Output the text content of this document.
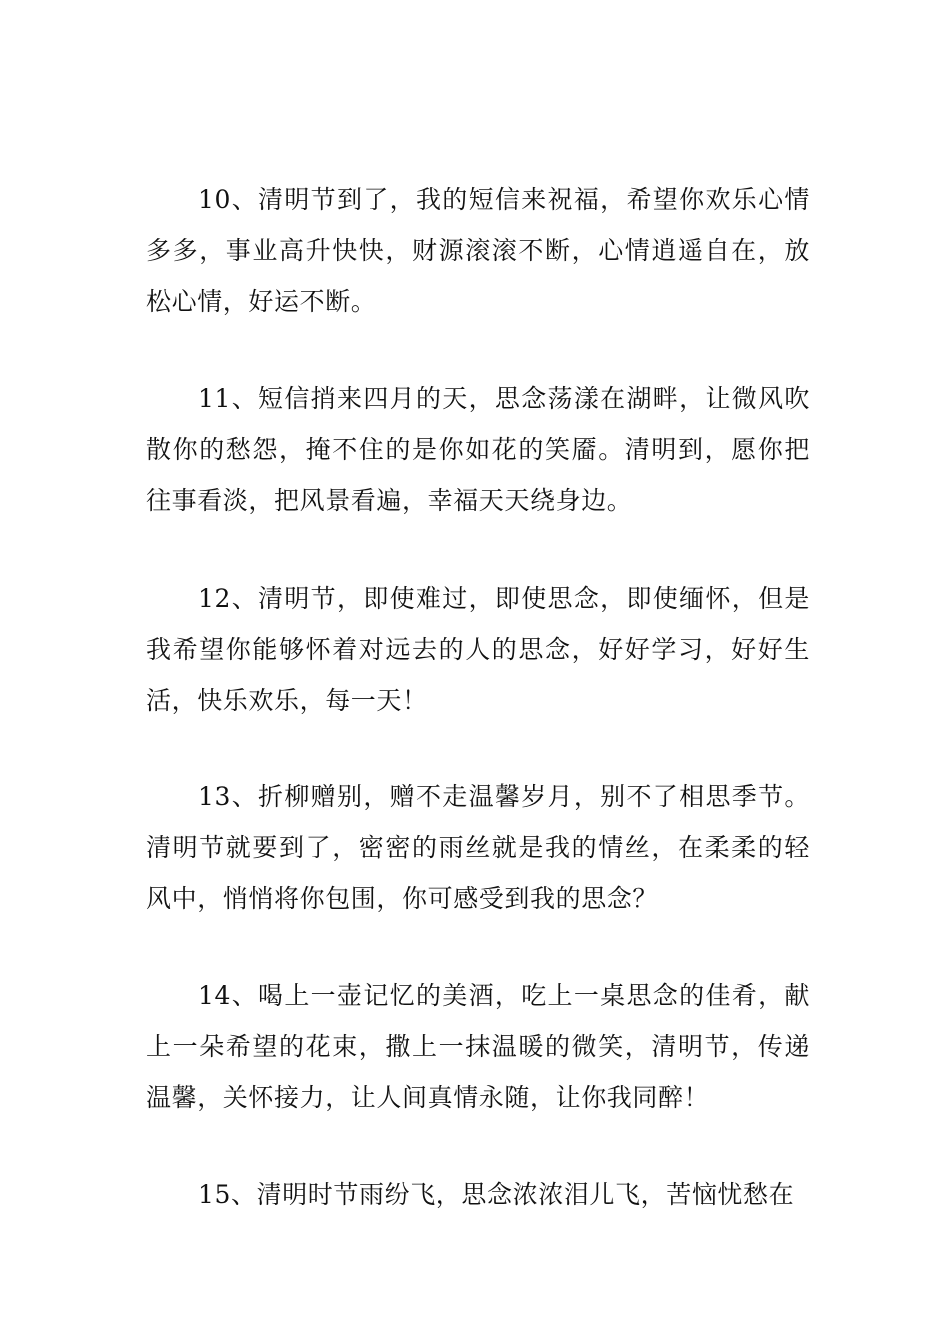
10、清明节到了，我的短信来祝福，希望你欢乐心情多多，事业高升快快，财源滚滚不断，心情逍遥自在，放松心情，好运不断。

11、短信捎来四月的天，思念荡漾在湖畔，让微风吹散你的愁怨，掩不住的是你如花的笑靥。清明到，愿你把往事看淡，把风景看遍，幸福天天绕身边。

12、清明节，即使难过，即使思念，即使缅怀，但是我希望你能够怀着对远去的人的思念，好好学习，好好生活，快乐欢乐，每一天！

13、折柳赠别，赠不走温馨岁月，别不了相思季节。清明节就要到了，密密的雨丝就是我的情丝，在柔柔的轻风中，悄悄将你包围，你可感受到我的思念？

14、喝上一壶记忆的美酒，吃上一桌思念的佳肴，献上一朵希望的花束，撒上一抹温暖的微笑，清明节，传递温馨，关怀接力，让人间真情永随，让你我同醉！

15、清明时节雨纷飞，思念浓浓泪儿飞，苦恼忧愁在
